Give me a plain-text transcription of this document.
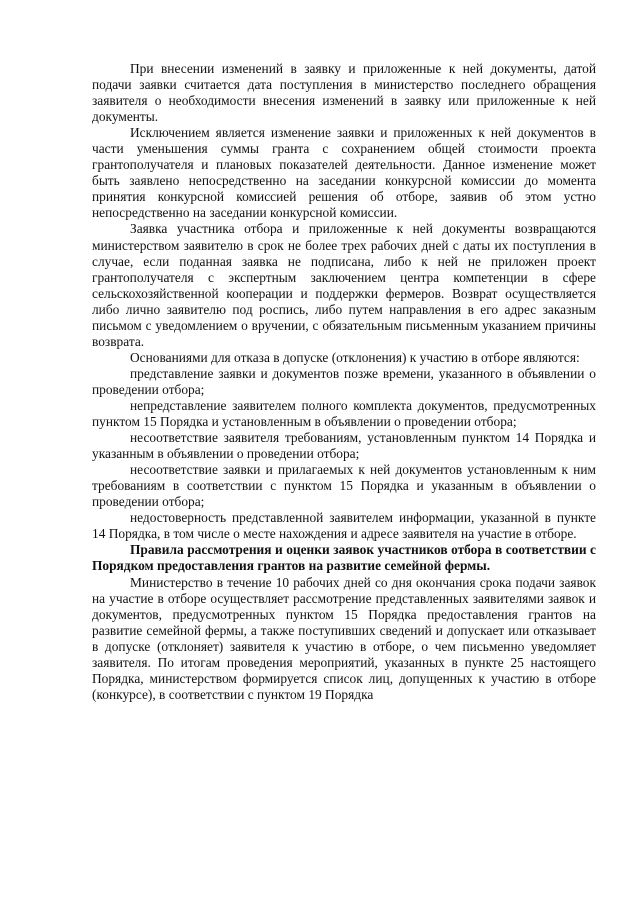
При внесении изменений в заявку и приложенные к ней документы, датой подачи заявки считается дата поступления в министерство последнего обращения заявителя о необходимости внесения изменений в заявку или приложенные к ней документы.

Исключением является изменение заявки и приложенных к ней документов в части уменьшения суммы гранта с сохранением общей стоимости проекта грантополучателя и плановых показателей деятельности. Данное изменение может быть заявлено непосредственно на заседании конкурсной комиссии до момента принятия конкурсной комиссией решения об отборе, заявив об этом устно непосредственно на заседании конкурсной комиссии.

Заявка участника отбора и приложенные к ней документы возвращаются министерством заявителю в срок не более трех рабочих дней с даты их поступления в случае, если поданная заявка не подписана, либо к ней не приложен проект грантополучателя с экспертным заключением центра компетенции в сфере сельскохозяйственной кооперации и поддержки фермеров. Возврат осуществляется либо лично заявителю под роспись, либо путем направления в его адрес заказным письмом с уведомлением о вручении, с обязательным письменным указанием причины возврата.

Основаниями для отказа в допуске (отклонения) к участию в отборе являются:

представление заявки и документов позже времени, указанного в объявлении о проведении отбора;

непредставление заявителем полного комплекта документов, предусмотренных пунктом 15 Порядка и установленным в объявлении о проведении отбора;

несоответствие заявителя требованиям, установленным пунктом 14 Порядка и указанным в объявлении о проведении отбора;

несоответствие заявки и прилагаемых к ней документов установленным к ним требованиям в соответствии с пунктом 15 Порядка и указанным в объявлении о проведении отбора;

недостоверность представленной заявителем информации, указанной в пункте 14 Порядка, в том числе о месте нахождения и адресе заявителя на участие в отборе.

Правила рассмотрения и оценки заявок участников отбора в соответствии с Порядком предоставления грантов на развитие семейной фермы.

Министерство в течение 10 рабочих дней со дня окончания срока подачи заявок на участие в отборе осуществляет рассмотрение представленных заявителями заявок и документов, предусмотренных пунктом 15 Порядка предоставления грантов на развитие семейной фермы, а также поступивших сведений и допускает или отказывает в допуске (отклоняет) заявителя к участию в отборе, о чем письменно уведомляет заявителя. По итогам проведения мероприятий, указанных в пункте 25 настоящего Порядка, министерством формируется список лиц, допущенных к участию в отборе (конкурсе), в соответствии с пунктом 19 Порядка
